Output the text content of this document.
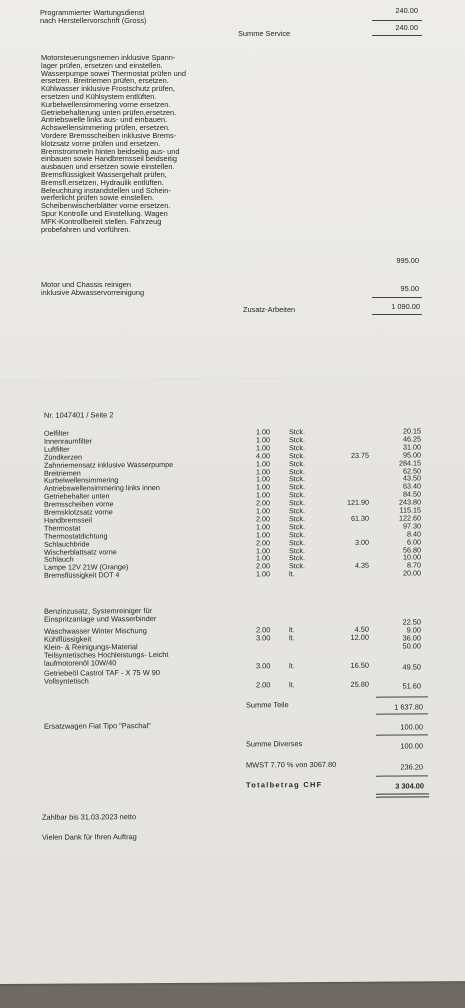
Programmierter Wartungsdienst
nach Herstellervorschrift (Gross)
240.00
Summe Service
240.00
Motorsteuerungsnemen inklusive Spann-
lager prüfen, ersetzen und einstellen.
Wasserpumpe sowei Thermostat prüfen und
ersetzen. Breitriemen prüfen, ersetzen.
Kühlwasser inklusive Frostschutz prüfen,
ersetzen und Kühlsystem entlüften.
Kurbelwellensimmering vorne ersetzen.
Getriebehalterung unten prüfen,ersetzen.
Antriebswelle links aus- und einbauen.
Achswellensimmering prüfen, ersetzen.
Vordere Bremsscheiben inklusive Brems-
klotzsatz vorne prüfen und ersetzen.
Bremstrommeln hinten beidseitig aus- und
einbauen sowie Handbremsseil beidseitig
ausbauen und ersetzen sowie einstellen.
Bremsflüssigkeit Wassergehalt prüfen,
Bremsfl.ersetzen, Hydraulik entlüften.
Beleuchtung instandstellen und Schein-
werferlicht prüfen sowie einstellen.
Scheibenwischerblätter vorne ersetzen.
Spur Kontrolle und Einstellung. Wagen
MFK-Kontrollbereit stellen. Fahrzeug
probefahren und vorführen.
995.00
Motor und Chassis reinigen
inklusive Abwasservorreinigung	95.00
Zusatz-Arbeiten	1 090.00
Nr. 1047401 / Seite 2
Oelfilter	1.00	Stck.	20.15
Innenraumfilter	1.00	Stck.	46.25
Luftfilter	1.00	Stck.	31.00
Zündkerzen	4.00	Stck.	23.75	95.00
Zahnriemensatz inklusive Wasserpumpe	1.00	Stck.	284.15
Breitriemen	1.00	Stck.	62.50
Kurbelwellensimmering	1.00	Stck.	43.50
Antriebswellensimmering links innen	1.00	Stck.	63.40
Getriebehalter unten	1.00	Stck.	84.50
Bremsscheiben vorne	2.00	Stck.	121.90	243.80
Bremsklotzsatz vorne	1.00	Stck.	115.15
Handbremsseil	2.00	Stck.	61.30	122.60
Thermostat	1.00	Stck.	97.30
Thermostatdichtung	1.00	Stck.	8.40
Schlauchbride	2.00	Stck.	3.00	6.00
Wischerblattsatz vorne	1.00	Stck.	56.80
Schlauch	1.00	Stck.	10.00
Lampe 12V 21W (Orange)	2.00	Stck.	4.35	8.70
Bremsflüssigkeit DOT 4	1.00	lt.	20.00
Benzinzusatz, Systemreiniger für
Einspritzanlage und Wasserbinder	22.50
Waschwasser Winter Mischung	2.00	lt.	4.50	9.00
Kühlflüssigkeit	3.00	lt.	12.00	36.00
Klein- & Reinigungs-Material	50.00
Teilsyntetisches Hochleistungs- Leicht
laufmotorenöl 10W/40	3.00	lt.	16.50	49.50
Getriebeöl Castrol TAF - X 75 W 90
Vollsyntetisch	2.00	lt.	25.80	51.60
Summe Teile	1 637.80
Ersatzwagen Fiat Tipo "Paschal"	100.00
Summe Diverses	100.00
MWST 7.70 % von 3067.80	236.20
Totalbetrag CHF	3 304.00
Zahlbar bis 31.03.2023 netto
Vielen Dank für Ihren Auftrag
